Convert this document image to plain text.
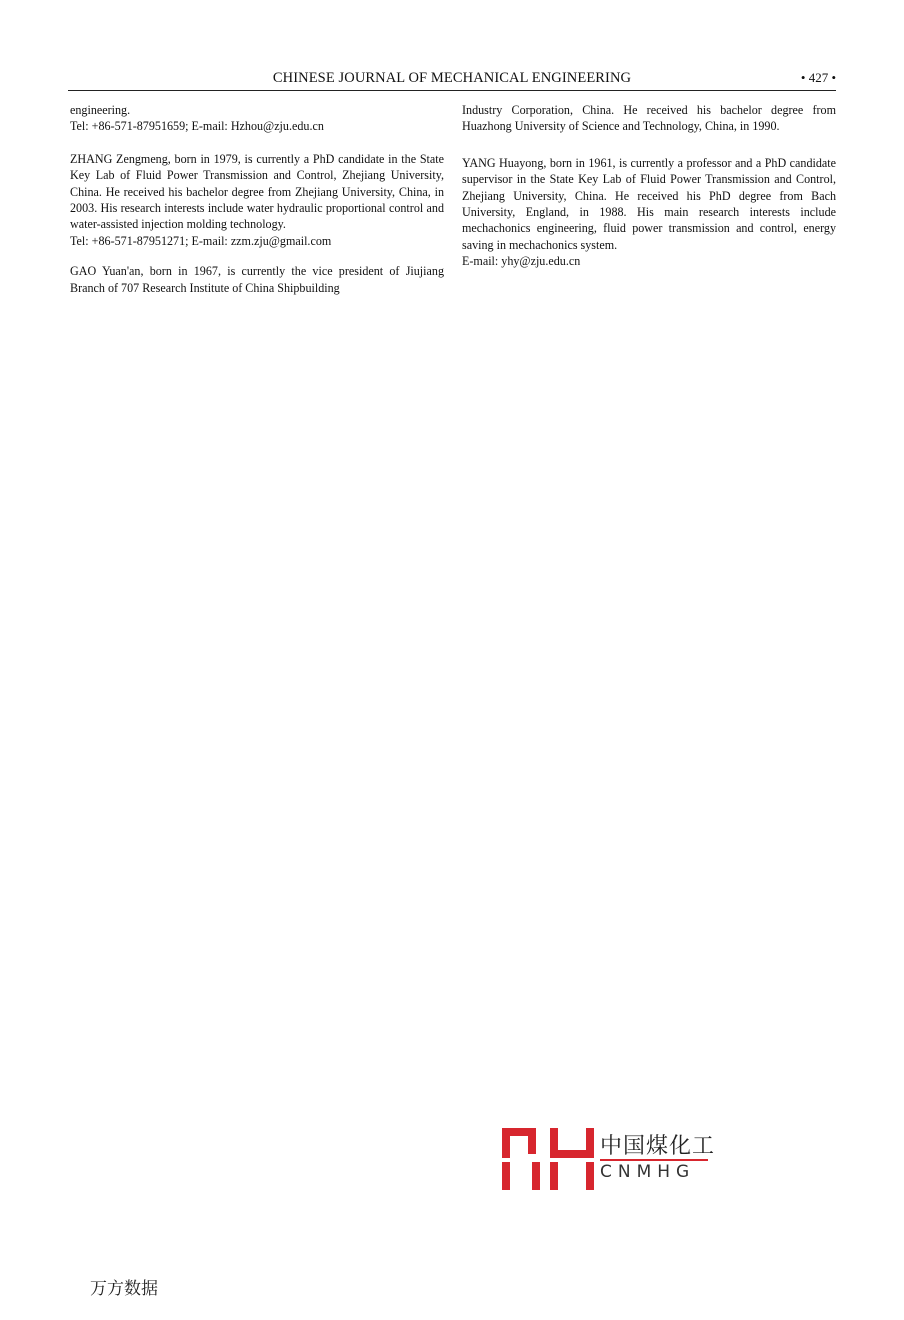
CHINESE JOURNAL OF MECHANICAL ENGINEERING	• 427 •

engineering.
Tel: +86-571-87951659; E-mail: Hzhou@zju.edu.cn

ZHANG Zengmeng, born in 1979, is currently a PhD candidate in the State Key Lab of Fluid Power Transmission and Control, Zhejiang University, China. He received his bachelor degree from Zhejiang University, China, in 2003. His research interests include water hydraulic proportional control and water-assisted injection molding technology.
Tel: +86-571-87951271; E-mail: zzm.zju@gmail.com

GAO Yuan'an, born in 1967, is currently the vice president of Jiujiang Branch of 707 Research Institute of China Shipbuilding

Industry Corporation, China. He received his bachelor degree from Huazhong University of Science and Technology, China, in 1990.

YANG Huayong, born in 1961, is currently a professor and a PhD candidate supervisor in the State Key Lab of Fluid Power Transmission and Control, Zhejiang University, China. He received his PhD degree from Bach University, England, in 1988. His main research interests include mechachonics engineering, fluid power transmission and control, energy saving in mechachonics system.
E-mail: yhy@zju.edu.cn

中国煤化工
CNMHG
万方数据
